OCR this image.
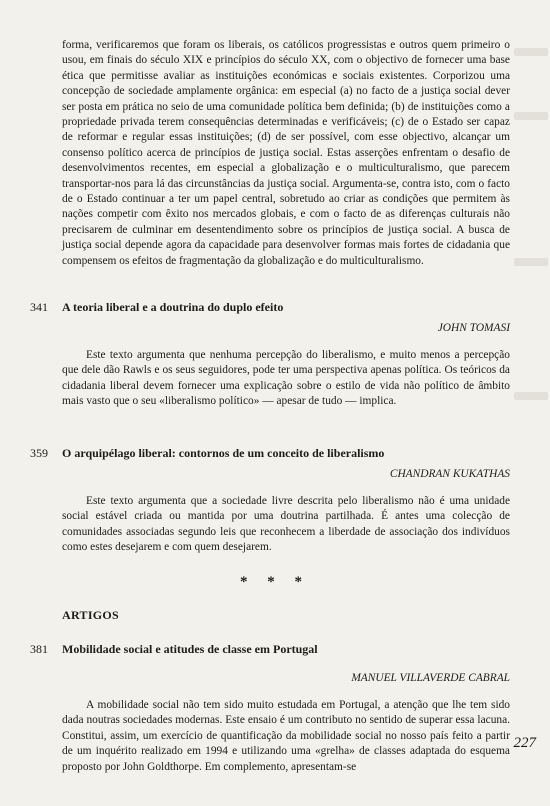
forma, verificaremos que foram os liberais, os católicos progressistas e outros quem primeiro o usou, em finais do século XIX e princípios do século XX, com o objectivo de fornecer uma base ética que permitisse avaliar as instituições económicas e sociais existentes. Corporizou uma concepção de sociedade amplamente orgânica: em especial (a) no facto de a justiça social dever ser posta em prática no seio de uma comunidade política bem definida; (b) de instituições como a propriedade privada terem consequências determinadas e verificáveis; (c) de o Estado ser capaz de reformar e regular essas instituições; (d) de ser possível, com esse objectivo, alcançar um consenso político acerca de princípios de justiça social. Estas asserções enfrentam o desafio de desenvolvimentos recentes, em especial a globalização e o multiculturalismo, que parecem transportar-nos para lá das circunstâncias da justiça social. Argumenta-se, contra isto, com o facto de o Estado continuar a ter um papel central, sobretudo ao criar as condições que permitem às nações competir com êxito nos mercados globais, e com o facto de as diferenças culturais não precisarem de culminar em desentendimento sobre os princípios de justiça social. A busca de justiça social depende agora da capacidade para desenvolver formas mais fortes de cidadania que compensem os efeitos de fragmentação da globalização e do multiculturalismo.

341 A teoria liberal e a doutrina do duplo efeito
JOHN TOMASI

Este texto argumenta que nenhuma percepção do liberalismo, e muito menos a percepção que dele dão Rawls e os seus seguidores, pode ter uma perspectiva apenas política. Os teóricos da cidadania liberal devem fornecer uma explicação sobre o estilo de vida não político de âmbito mais vasto que o seu «liberalismo político» — apesar de tudo — implica.

359 O arquipélago liberal: contornos de um conceito de liberalismo
CHANDRAN KUKATHAS

Este texto argumenta que a sociedade livre descrita pelo liberalismo não é uma unidade social estável criada ou mantida por uma doutrina partilhada. É antes uma colecção de comunidades associadas segundo leis que reconhecem a liberdade de associação dos indivíduos como estes desejarem e com quem desejarem.

* * *
ARTIGOS
381 Mobilidade social e atitudes de classe em Portugal
MANUEL VILLAVERDE CABRAL

A mobilidade social não tem sido muito estudada em Portugal, a atenção que lhe tem sido dada noutras sociedades modernas. Este ensaio é um contributo no sentido de superar essa lacuna. Constitui, assim, um exercício de quantificação da mobilidade social no nosso país feito a partir de um inquérito realizado em 1994 e utilizando uma «grelha» de classes adaptada do esquema proposto por John Goldthorpe. Em complemento, apresentam-se

227
